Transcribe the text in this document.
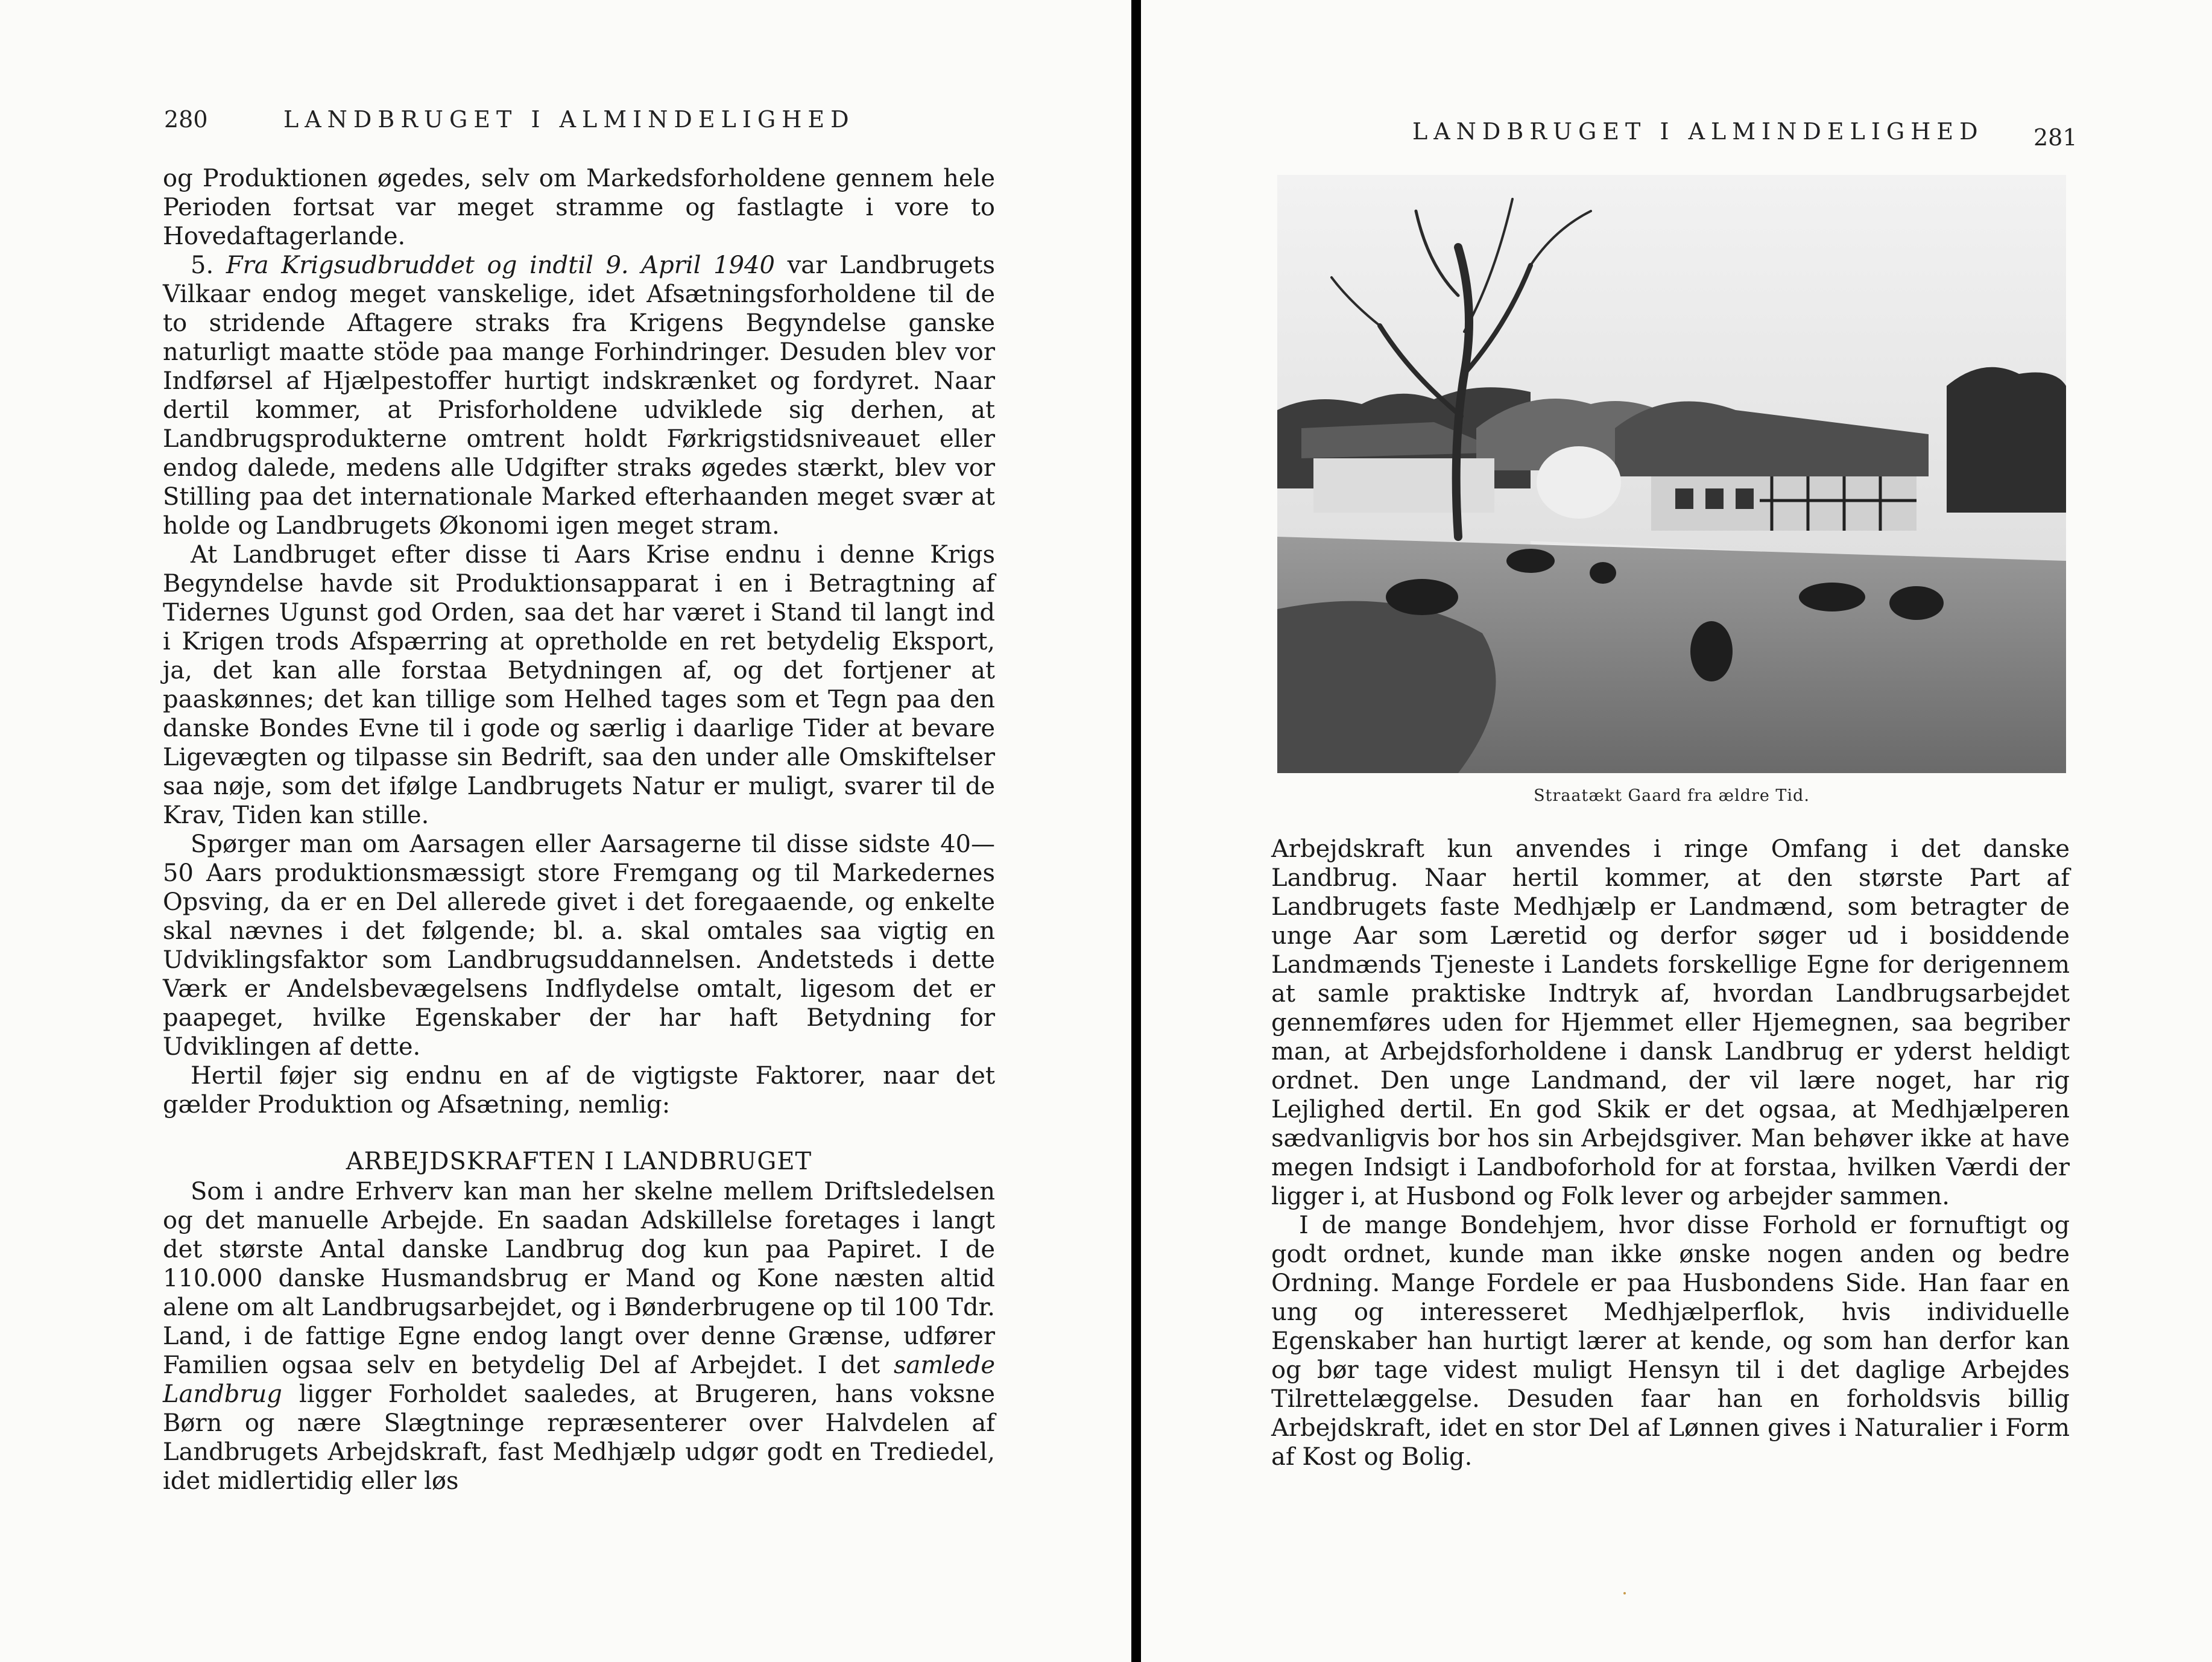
280	LANDBRUGET I ALMINDELIGHED

og Produktionen øgedes, selv om Markedsforholdene gennem hele Perioden fortsat var meget stramme og fastlagte i vore to Hovedaftagerlande.

5. Fra Krigsudbruddet og indtil 9. April 1940 var Landbrugets Vilkaar endog meget vanskelige, idet Afsætningsforholdene til de to stridende Aftagere straks fra Krigens Begyndelse ganske naturligt maatte stöde paa mange Forhindringer. Desuden blev vor Indførsel af Hjælpestoffer hurtigt indskrænket og fordyret. Naar dertil kommer, at Prisforholdene udviklede sig derhen, at Landbrugsprodukterne omtrent holdt Førkrigstidsniveauet eller endog dalede, medens alle Udgifter straks øgedes stærkt, blev vor Stilling paa det internationale Marked efterhaanden meget svær at holde og Landbrugets Økonomi igen meget stram.

At Landbruget efter disse ti Aars Krise endnu i denne Krigs Begyndelse havde sit Produktionsapparat i en i Betragtning af Tidernes Ugunst god Orden, saa det har været i Stand til langt ind i Krigen trods Afspærring at opretholde en ret betydelig Eksport, ja, det kan alle forstaa Betydningen af, og det fortjener at paaskønnes; det kan tillige som Helhed tages som et Tegn paa den danske Bondes Evne til i gode og særlig i daarlige Tider at bevare Ligevægten og tilpasse sin Bedrift, saa den under alle Omskiftelser saa nøje, som det ifølge Landbrugets Natur er muligt, svarer til de Krav, Tiden kan stille.

Spørger man om Aarsagen eller Aarsagerne til disse sidste 40—50 Aars produktionsmæssigt store Fremgang og til Markedernes Opsving, da er en Del allerede givet i det foregaaende, og enkelte skal nævnes i det følgende; bl. a. skal omtales saa vigtig en Udviklingsfaktor som Landbrugsuddannelsen. Andetsteds i dette Værk er Andelsbevægelsens Indflydelse omtalt, ligesom det er paapeget, hvilke Egenskaber der har haft Betydning for Udviklingen af dette.

Hertil føjer sig endnu en af de vigtigste Faktorer, naar det gælder Produktion og Afsætning, nemlig:

ARBEJDSKRAFTEN I LANDBRUGET

Som i andre Erhverv kan man her skelne mellem Driftsledelsen og det manuelle Arbejde. En saadan Adskillelse foretages i langt det største Antal danske Landbrug dog kun paa Papiret. I de 110.000 danske Husmandsbrug er Mand og Kone næsten altid alene om alt Landbrugsarbejdet, og i Bønderbrugene op til 100 Tdr. Land, i de fattige Egne endog langt over denne Grænse, udfører Familien ogsaa selv en betydelig Del af Arbejdet. I det samlede Landbrug ligger Forholdet saaledes, at Brugeren, hans voksne Børn og nære Slægtninge repræsenterer over Halvdelen af Landbrugets Arbejdskraft, fast Medhjælp udgør godt en Trediedel, idet midlertidig eller løs

LANDBRUGET I ALMINDELIGHED 281
Straatækt Gaard fra ældre Tid.

Arbejdskraft kun anvendes i ringe Omfang i det danske Landbrug. Naar hertil kommer, at den største Part af Landbrugets faste Medhjælp er Landmænd, som betragter de unge Aar som Læretid og derfor søger ud i bosiddende Landmænds Tjeneste i Landets forskellige Egne for derigennem at samle praktiske Indtryk af, hvordan Landbrugsarbejdet gennemføres uden for Hjemmet eller Hjemegnen, saa begriber man, at Arbejdsforholdene i dansk Landbrug er yderst heldigt ordnet. Den unge Landmand, der vil lære noget, har rig Lejlighed dertil. En god Skik er det ogsaa, at Medhjælperen sædvanligvis bor hos sin Arbejdsgiver. Man behøver ikke at have megen Indsigt i Landboforhold for at forstaa, hvilken Værdi der ligger i, at Husbond og Folk lever og arbejder sammen.

I de mange Bondehjem, hvor disse Forhold er fornuftigt og godt ordnet, kunde man ikke ønske nogen anden og bedre Ordning. Mange Fordele er paa Husbondens Side. Han faar en ung og interesseret Medhjælperflok, hvis individuelle Egenskaber han hurtigt lærer at kende, og som han derfor kan og bør tage videst muligt Hensyn til i det daglige Arbejdes Tilrettelæggelse. Desuden faar han en forholdsvis billig Arbejdskraft, idet en stor Del af Lønnen gives i Naturalier i Form af Kost og Bolig.
